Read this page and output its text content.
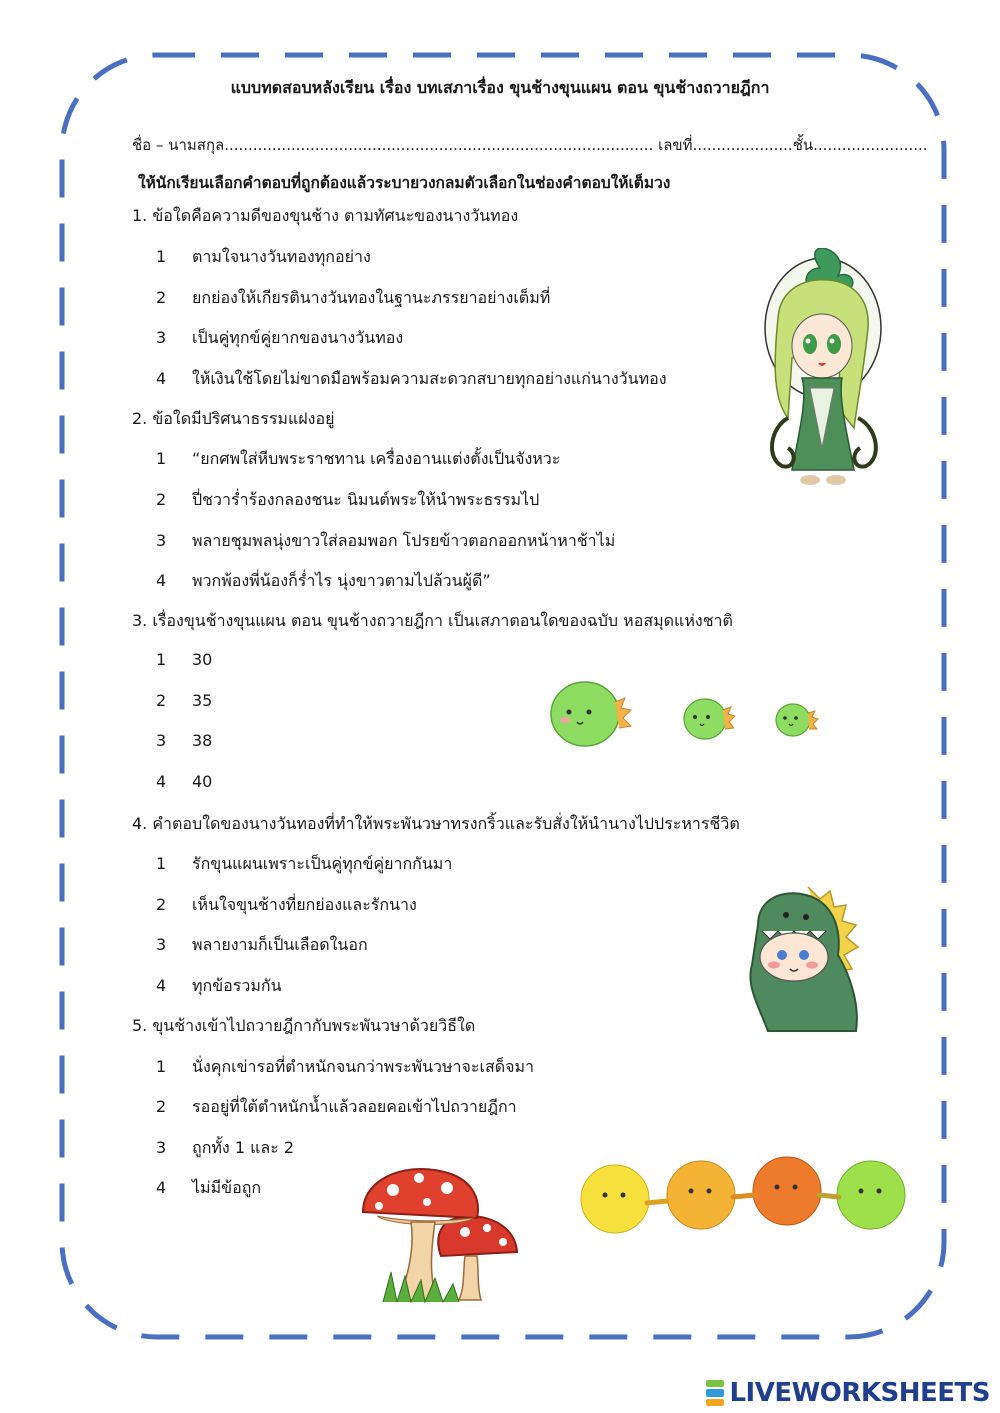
แบบทดสอบหลังเรียน เรื่อง บทเสภาเรื่อง ขุนช้างขุนแผน ตอน ขุนช้างถวายฎีกา
ชื่อ – นามสกุล.......................................................................................... เลขที่.....................ชั้น........................
ให้นักเรียนเลือกคำตอบที่ถูกต้องแล้วระบายวงกลมตัวเลือกในช่องคำตอบให้เต็มวง
1. ข้อใดคือความดีของขุนช้าง ตามทัศนะของนางวันทอง
1 ตามใจนางวันทองทุกอย่าง
2 ยกย่องให้เกียรตินางวันทองในฐานะภรรยาอย่างเต็มที่
3 เป็นคู่ทุกข์คู่ยากของนางวันทอง
4 ให้เงินใช้โดยไม่ขาดมือพร้อมความสะดวกสบายทุกอย่างแก่นางวันทอง
2. ข้อใดมีปริศนาธรรมแฝงอยู่
1 “ยกศพใส่หีบพระราชทาน เครื่องอานแต่งตั้งเป็นจังหวะ
2 ปี่ชวาร่ำร้องกลองชนะ นิมนต์พระให้นำพระธรรมไป
3 พลายชุมพลนุ่งขาวใส่ลอมพอก โปรยข้าวตอกออกหน้าหาช้าไม่
4 พวกพ้องพี่น้องก็ร่ำไร นุ่งขาวตามไปล้วนผู้ดี”
3. เรื่องขุนช้างขุนแผน ตอน ขุนช้างถวายฎีกา เป็นเสภาตอนใดของฉบับ หอสมุดแห่งชาติ
1 30
2 35
3 38
4 40
4. คำตอบใดของนางวันทองที่ทำให้พระพันวษาทรงกริ้วและรับสั่งให้นำนางไปประหารชีวิต
1 รักขุนแผนเพราะเป็นคู่ทุกข์คู่ยากกันมา
2 เห็นใจขุนช้างที่ยกย่องและรักนาง
3 พลายงามก็เป็นเลือดในอก
4 ทุกข้อรวมกัน
5. ขุนช้างเข้าไปถวายฎีกากับพระพันวษาด้วยวิธีใด
1 นั่งคุกเข่ารอที่ตำหนักจนกว่าพระพันวษาจะเสด็จมา
2 รออยู่ที่ใต้ตำหนักน้ำแล้วลอยคอเข้าไปถวายฎีกา
3 ถูกทั้ง 1 และ 2
4 ไม่มีข้อถูก
LIVEWORKSHEETS
